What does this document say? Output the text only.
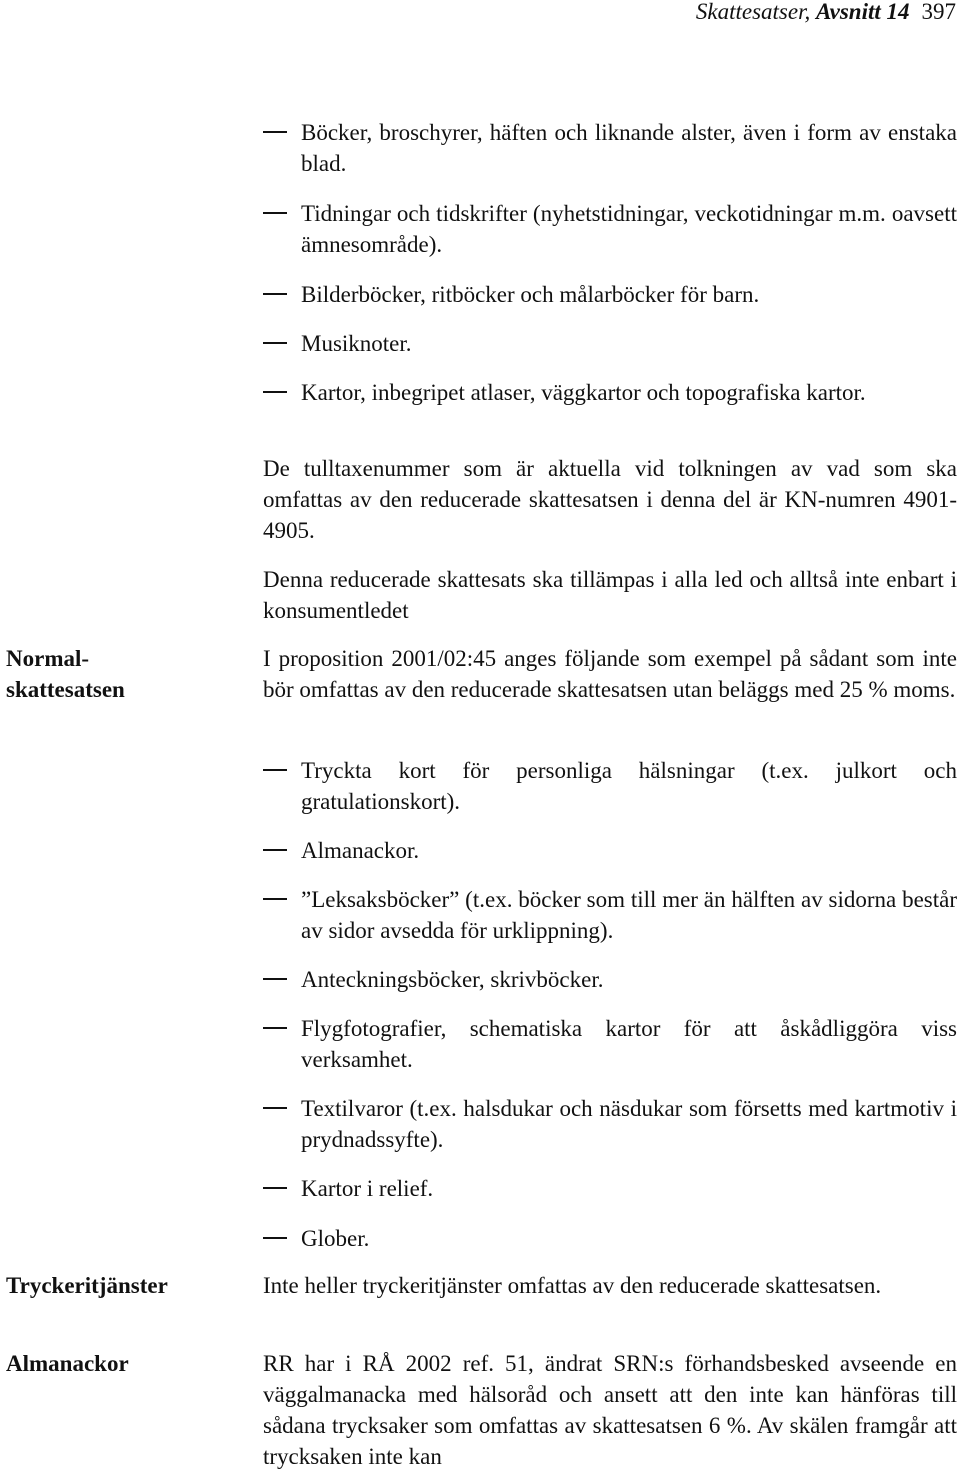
Skattesatser, Avsnitt 14 397
Böcker, broschyrer, häften och liknande alster, även i form av enstaka blad.
Tidningar och tidskrifter (nyhetstidningar, veckotidningar m.m. oavsett ämnesområde).
Bilderböcker, ritböcker och målarböcker för barn.
Musiknoter.
Kartor, inbegripet atlaser, väggkartor och topografiska kartor.
De tulltaxenummer som är aktuella vid tolkningen av vad som ska omfattas av den reducerade skattesatsen i denna del är KN-numren 4901-4905.
Denna reducerade skattesats ska tillämpas i alla led och alltså inte enbart i konsumentledet
Normal-
skattesatsen
I proposition 2001/02:45 anges följande som exempel på sådant som inte bör omfattas av den reducerade skattesatsen utan beläggs med 25 % moms.
Tryckta kort för personliga hälsningar (t.ex. julkort och gratulationskort).
Almanackor.
”Leksaksböcker” (t.ex. böcker som till mer än hälften av sidorna består av sidor avsedda för urklippning).
Anteckningsböcker, skrivböcker.
Flygfotografier, schematiska kartor för att åskådliggöra viss verksamhet.
Textilvaror (t.ex. halsdukar och näsdukar som försetts med kartmotiv i prydnadssyfte).
Kartor i relief.
Glober.
Tryckeritjänster	Inte heller tryckeritjänster omfattas av den reducerade skattesatsen.
Almanackor	RR har i RÅ 2002 ref. 51, ändrat SRN:s förhandsbesked avseende en väggalmanacka med hälsoråd och ansett att den inte kan hänföras till sådana trycksaker som omfattas av skattesatsen 6 %. Av skälen framgår att trycksaken inte kan
